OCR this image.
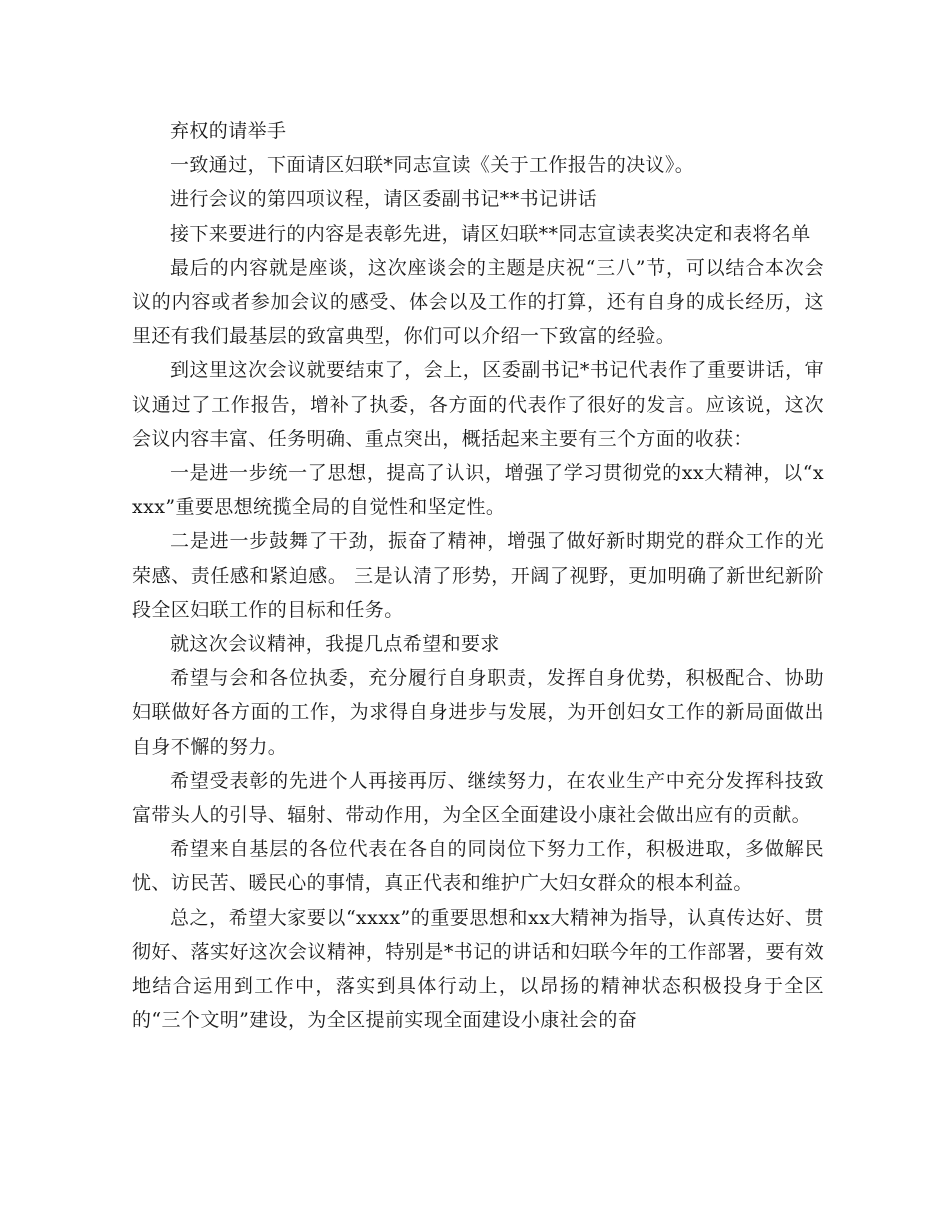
弃权的请举手

一致通过，下面请区妇联*同志宣读《关于工作报告的决议》。

进行会议的第四项议程，请区委副书记**书记讲话

接下来要进行的内容是表彰先进，请区妇联**同志宣读表奖决定和表将名单

最后的内容就是座谈，这次座谈会的主题是庆祝“三八”节，可以结合本次会议的内容或者参加会议的感受、体会以及工作的打算，还有自身的成长经历，这里还有我们最基层的致富典型，你们可以介绍一下致富的经验。

到这里这次会议就要结束了，会上，区委副书记*书记代表作了重要讲话，审议通过了工作报告，增补了执委，各方面的代表作了很好的发言。应该说，这次会议内容丰富、任务明确、重点突出，概括起来主要有三个方面的收获：

一是进一步统一了思想，提高了认识，增强了学习贯彻党的xx大精神，以“xxxx”重要思想统揽全局的自觉性和坚定性。

二是进一步鼓舞了干劲，振奋了精神，增强了做好新时期党的群众工作的光荣感、责任感和紧迫感。 三是认清了形势，开阔了视野，更加明确了新世纪新阶段全区妇联工作的目标和任务。

就这次会议精神，我提几点希望和要求

希望与会和各位执委，充分履行自身职责，发挥自身优势，积极配合、协助妇联做好各方面的工作，为求得自身进步与发展，为开创妇女工作的新局面做出自身不懈的努力。

希望受表彰的先进个人再接再厉、继续努力，在农业生产中充分发挥科技致富带头人的引导、辐射、带动作用，为全区全面建设小康社会做出应有的贡献。

希望来自基层的各位代表在各自的同岗位下努力工作，积极进取，多做解民忧、访民苦、暖民心的事情，真正代表和维护广大妇女群众的根本利益。

总之，希望大家要以“xxxx”的重要思想和xx大精神为指导，认真传达好、贯彻好、落实好这次会议精神，特别是*书记的讲话和妇联今年的工作部署，要有效地结合运用到工作中，落实到具体行动上，以昂扬的精神状态积极投身于全区的“三个文明”建设，为全区提前实现全面建设小康社会的奋
